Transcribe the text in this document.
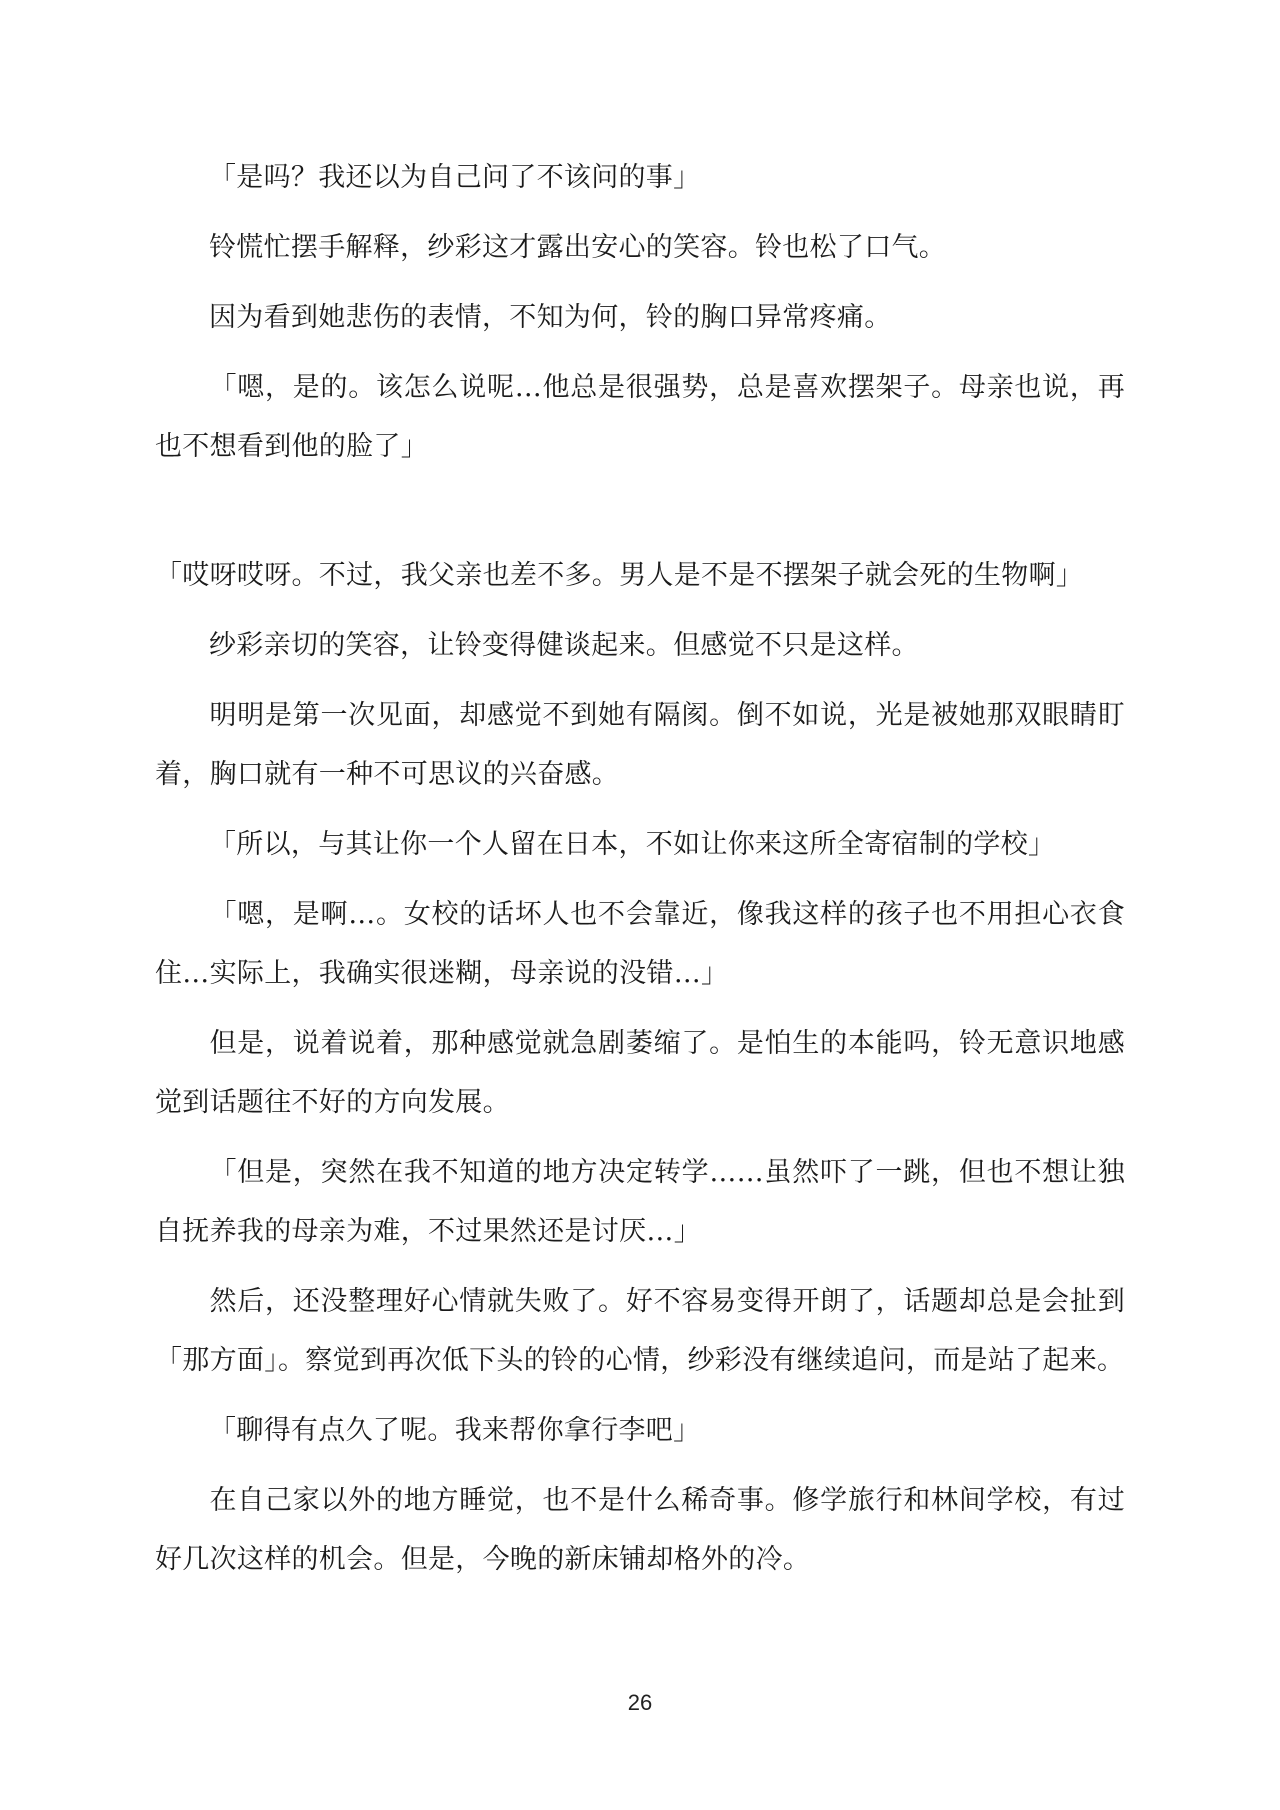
「是吗？我还以为自己问了不该问的事」

铃慌忙摆手解释，纱彩这才露出安心的笑容。铃也松了口气。

因为看到她悲伤的表情，不知为何，铃的胸口异常疼痛。

「嗯，是的。该怎么说呢…他总是很强势，总是喜欢摆架子。母亲也说，再也不想看到他的脸了」

「哎呀哎呀。不过，我父亲也差不多。男人是不是不摆架子就会死的生物啊」

纱彩亲切的笑容，让铃变得健谈起来。但感觉不只是这样。

明明是第一次见面，却感觉不到她有隔阂。倒不如说，光是被她那双眼睛盯着，胸口就有一种不可思议的兴奋感。

「所以，与其让你一个人留在日本，不如让你来这所全寄宿制的学校」

「嗯，是啊…。女校的话坏人也不会靠近，像我这样的孩子也不用担心衣食住…实际上，我确实很迷糊，母亲说的没错…」

但是，说着说着，那种感觉就急剧萎缩了。是怕生的本能吗，铃无意识地感觉到话题往不好的方向发展。

「但是，突然在我不知道的地方决定转学……虽然吓了一跳，但也不想让独自抚养我的母亲为难，不过果然还是讨厌…」

然后，还没整理好心情就失败了。好不容易变得开朗了，话题却总是会扯到「那方面」。察觉到再次低下头的铃的心情，纱彩没有继续追问，而是站了起来。

「聊得有点久了呢。我来帮你拿行李吧」

在自己家以外的地方睡觉，也不是什么稀奇事。修学旅行和林间学校，有过好几次这样的机会。但是，今晚的新床铺却格外的冷。

26
